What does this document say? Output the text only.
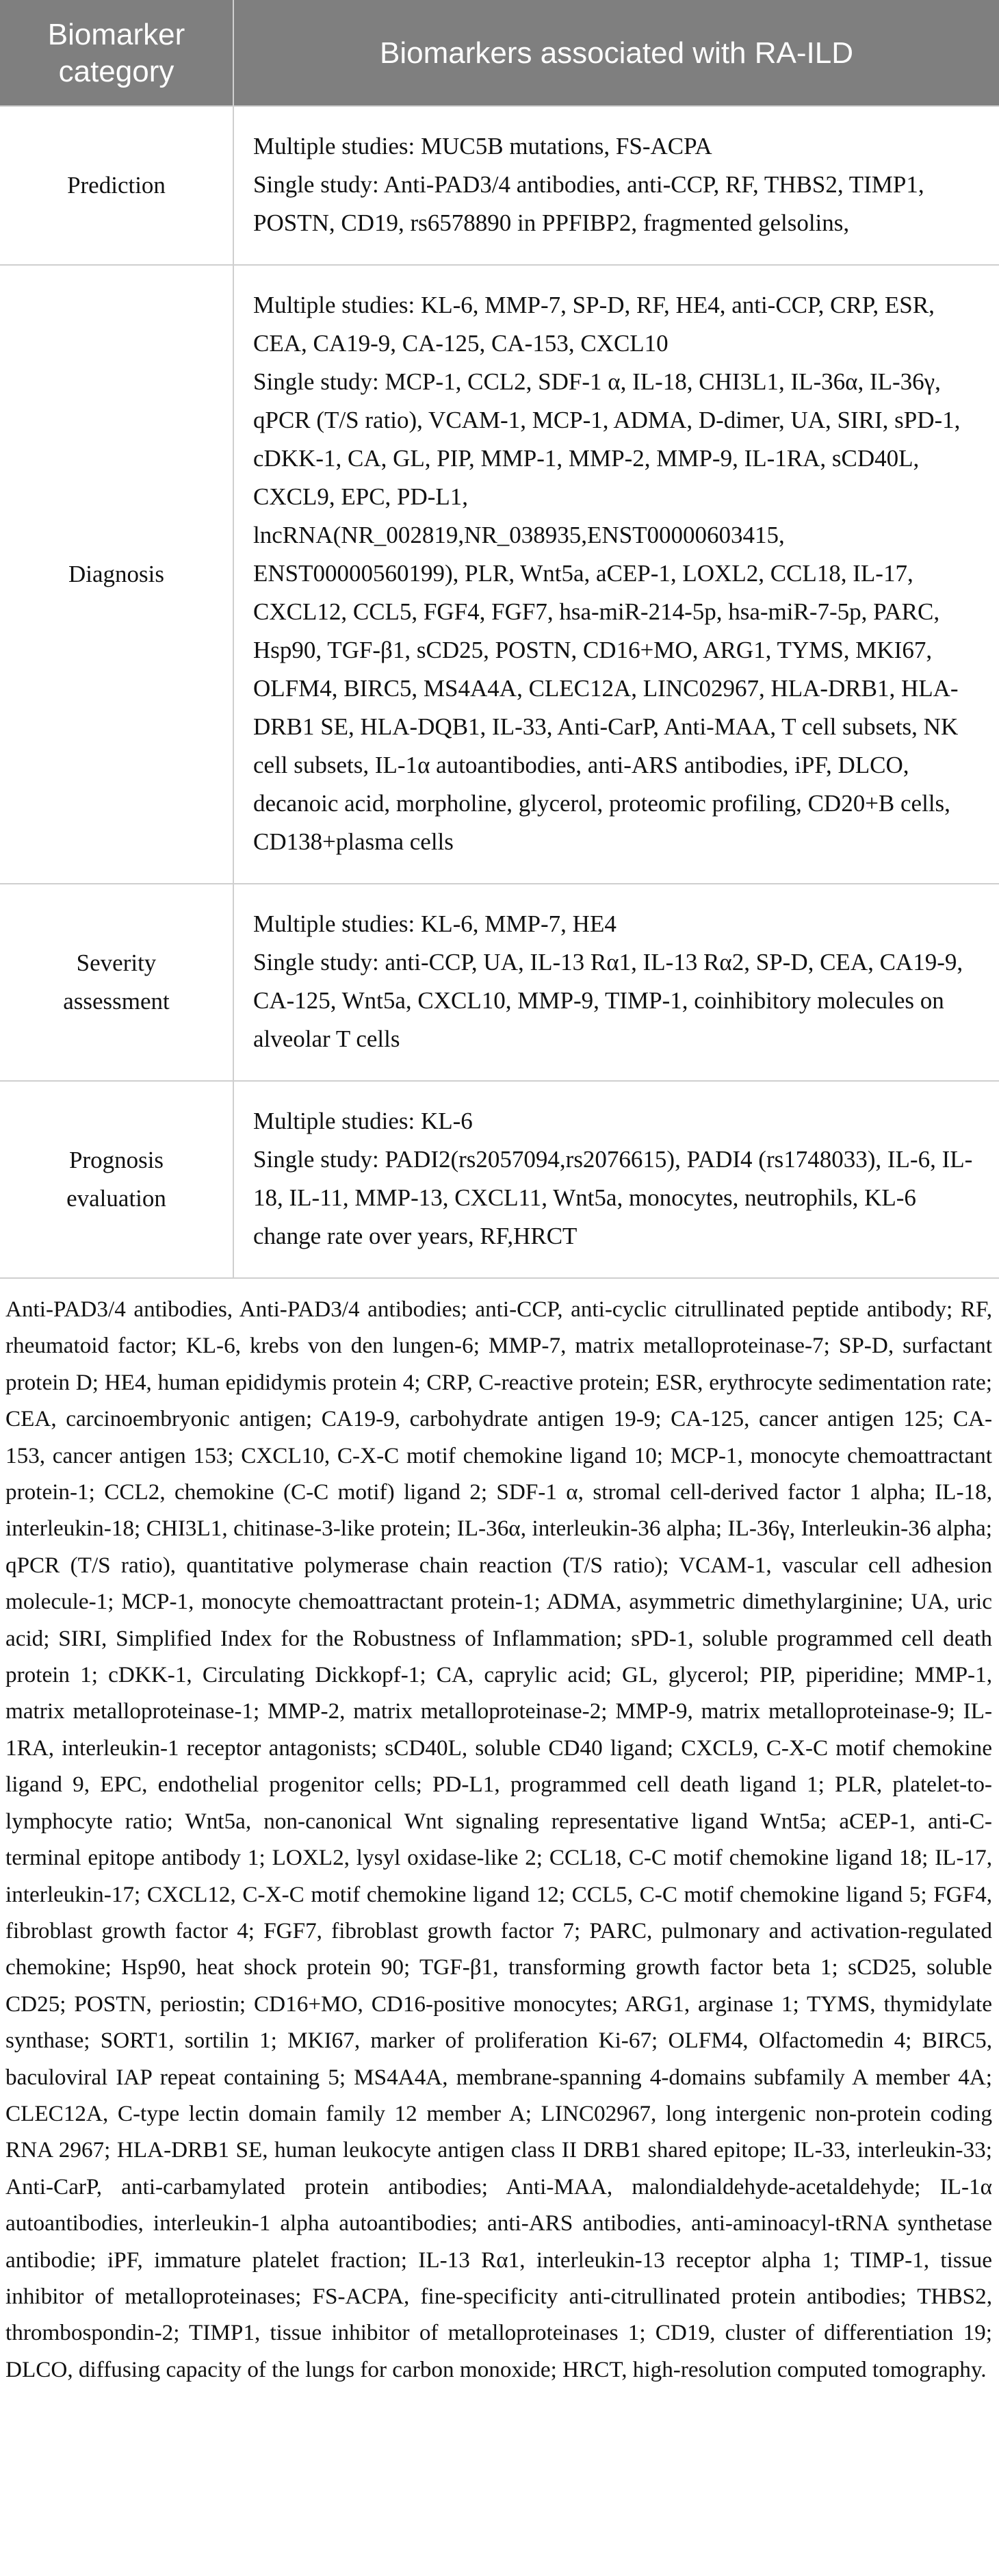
Biomarker
category	Biomarkers associated with RA-ILD

Prediction	Multiple studies: MUC5B mutations, FS-ACPA
Single study: Anti-PAD3/4 antibodies, anti-CCP, RF, THBS2, TIMP1, POSTN, CD19, rs6578890 in PPFIBP2, fragmented gelsolins,

Diagnosis	Multiple studies: KL-6, MMP-7, SP-D, RF, HE4, anti-CCP, CRP, ESR, CEA, CA19-9, CA-125, CA-153, CXCL10
Single study: MCP-1, CCL2, SDF-1 α, IL-18, CHI3L1, IL-36α, IL-36γ, qPCR (T/S ratio), VCAM-1, MCP-1, ADMA, D-dimer, UA, SIRI, sPD-1, cDKK-1, CA, GL, PIP, MMP-1, MMP-2, MMP-9, IL-1RA, sCD40L, CXCL9, EPC, PD-L1, lncRNA(NR_002819,NR_038935,ENST00000603415, ENST00000560199), PLR, Wnt5a, aCEP-1, LOXL2, CCL18, IL-17, CXCL12, CCL5, FGF4, FGF7, hsa-miR-214-5p, hsa-miR-7-5p, PARC, Hsp90, TGF-β1, sCD25, POSTN, CD16+MO, ARG1, TYMS, MKI67, OLFM4, BIRC5, MS4A4A, CLEC12A, LINC02967, HLA-DRB1, HLA-DRB1 SE, HLA-DQB1, IL-33, Anti-CarP, Anti-MAA, T cell subsets, NK cell subsets, IL-1α autoantibodies, anti-ARS antibodies, iPF, DLCO, decanoic acid, morpholine, glycerol, proteomic profiling, CD20+B cells, CD138+plasma cells

Severity
assessment	Multiple studies: KL-6, MMP-7, HE4
Single study: anti-CCP, UA, IL-13 Rα1, IL-13 Rα2, SP-D, CEA, CA19-9, CA-125, Wnt5a, CXCL10, MMP-9, TIMP-1, coinhibitory molecules on alveolar T cells

Prognosis
evaluation	Multiple studies: KL-6
Single study: PADI2(rs2057094,rs2076615), PADI4 (rs1748033), IL-6, IL-18, IL-11, MMP-13, CXCL11, Wnt5a, monocytes, neutrophils, KL-6 change rate over years, RF,HRCT

Anti-PAD3/4 antibodies, Anti-PAD3/4 antibodies; anti-CCP, anti-cyclic citrullinated peptide antibody; RF, rheumatoid factor; KL-6, krebs von den lungen-6; MMP-7, matrix metalloproteinase-7; SP-D, surfactant protein D; HE4, human epididymis protein 4; CRP, C-reactive protein; ESR, erythrocyte sedimentation rate; CEA, carcinoembryonic antigen; CA19-9, carbohydrate antigen 19-9; CA-125, cancer antigen 125; CA-153, cancer antigen 153; CXCL10, C-X-C motif chemokine ligand 10; MCP-1, monocyte chemoattractant protein-1; CCL2, chemokine (C-C motif) ligand 2; SDF-1 α, stromal cell-derived factor 1 alpha; IL-18, interleukin-18; CHI3L1, chitinase-3-like protein; IL-36α, interleukin-36 alpha; IL-36γ, Interleukin-36 alpha; qPCR (T/S ratio), quantitative polymerase chain reaction (T/S ratio); VCAM-1, vascular cell adhesion molecule-1; MCP-1, monocyte chemoattractant protein-1; ADMA, asymmetric dimethylarginine; UA, uric acid; SIRI, Simplified Index for the Robustness of Inflammation; sPD-1, soluble programmed cell death protein 1; cDKK-1, Circulating Dickkopf-1; CA, caprylic acid; GL, glycerol; PIP, piperidine; MMP-1, matrix metalloproteinase-1; MMP-2, matrix metalloproteinase-2; MMP-9, matrix metalloproteinase-9; IL-1RA, interleukin-1 receptor antagonists; sCD40L, soluble CD40 ligand; CXCL9, C-X-C motif chemokine ligand 9, EPC, endothelial progenitor cells; PD-L1, programmed cell death ligand 1; PLR, platelet-to-lymphocyte ratio; Wnt5a, non-canonical Wnt signaling representative ligand Wnt5a; aCEP-1, anti-C-terminal epitope antibody 1; LOXL2, lysyl oxidase-like 2; CCL18, C-C motif chemokine ligand 18; IL-17, interleukin-17; CXCL12, C-X-C motif chemokine ligand 12; CCL5, C-C motif chemokine ligand 5; FGF4, fibroblast growth factor 4; FGF7, fibroblast growth factor 7; PARC, pulmonary and activation-regulated chemokine; Hsp90, heat shock protein 90; TGF-β1, transforming growth factor beta 1; sCD25, soluble CD25; POSTN, periostin; CD16+MO, CD16-positive monocytes; ARG1, arginase 1; TYMS, thymidylate synthase; SORT1, sortilin 1; MKI67, marker of proliferation Ki-67; OLFM4, Olfactomedin 4; BIRC5, baculoviral IAP repeat containing 5; MS4A4A, membrane-spanning 4-domains subfamily A member 4A; CLEC12A, C-type lectin domain family 12 member A; LINC02967, long intergenic non-protein coding RNA 2967; HLA-DRB1 SE, human leukocyte antigen class II DRB1 shared epitope; IL-33, interleukin-33; Anti-CarP, anti-carbamylated protein antibodies; Anti-MAA, malondialdehyde-acetaldehyde; IL-1α autoantibodies, interleukin-1 alpha autoantibodies; anti-ARS antibodies, anti-aminoacyl-tRNA synthetase antibodie; iPF, immature platelet fraction; IL-13 Rα1, interleukin-13 receptor alpha 1; TIMP-1, tissue inhibitor of metalloproteinases; FS-ACPA, fine-specificity anti-citrullinated protein antibodies; THBS2, thrombospondin-2; TIMP1, tissue inhibitor of metalloproteinases 1; CD19, cluster of differentiation 19; DLCO, diffusing capacity of the lungs for carbon monoxide; HRCT, high-resolution computed tomography.
